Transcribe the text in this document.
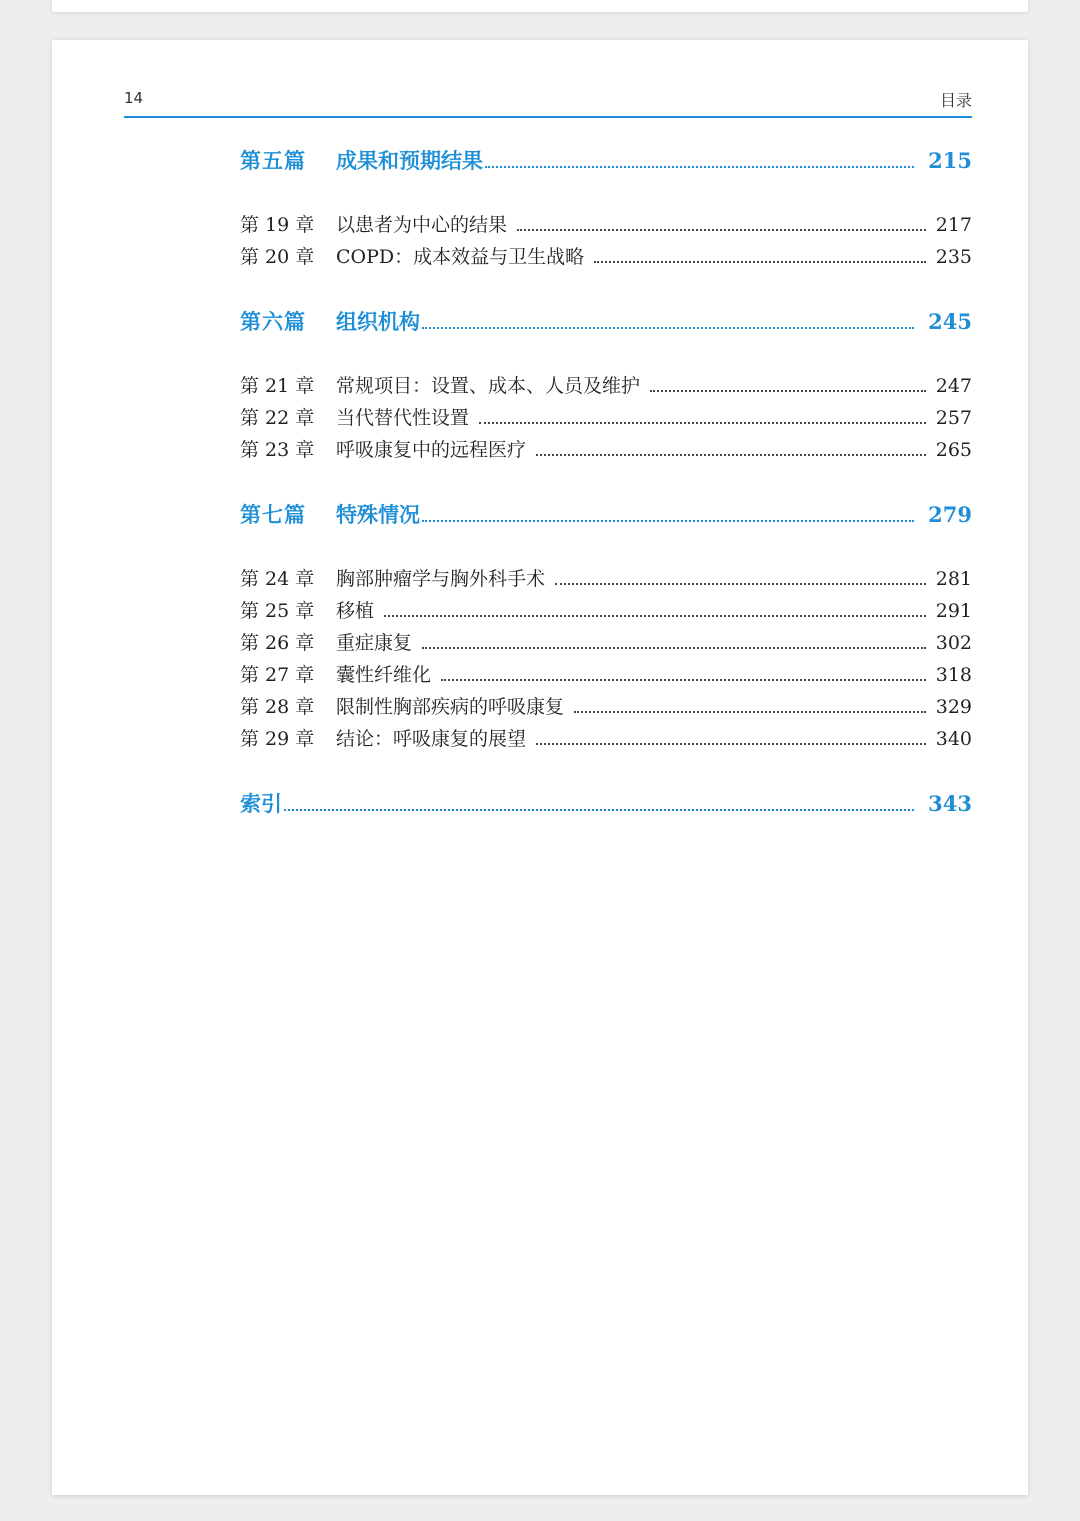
14	目录
第五篇	成果和预期结果	215
第 19 章	以患者为中心的结果	217
第 20 章	COPD：成本效益与卫生战略	235
第六篇	组织机构	245
第 21 章	常规项目：设置、成本、人员及维护	247
第 22 章	当代替代性设置	257
第 23 章	呼吸康复中的远程医疗	265
第七篇	特殊情况	279
第 24 章	胸部肿瘤学与胸外科手术	281
第 25 章	移植	291
第 26 章	重症康复	302
第 27 章	囊性纤维化	318
第 28 章	限制性胸部疾病的呼吸康复	329
第 29 章	结论：呼吸康复的展望	340
索引	343
